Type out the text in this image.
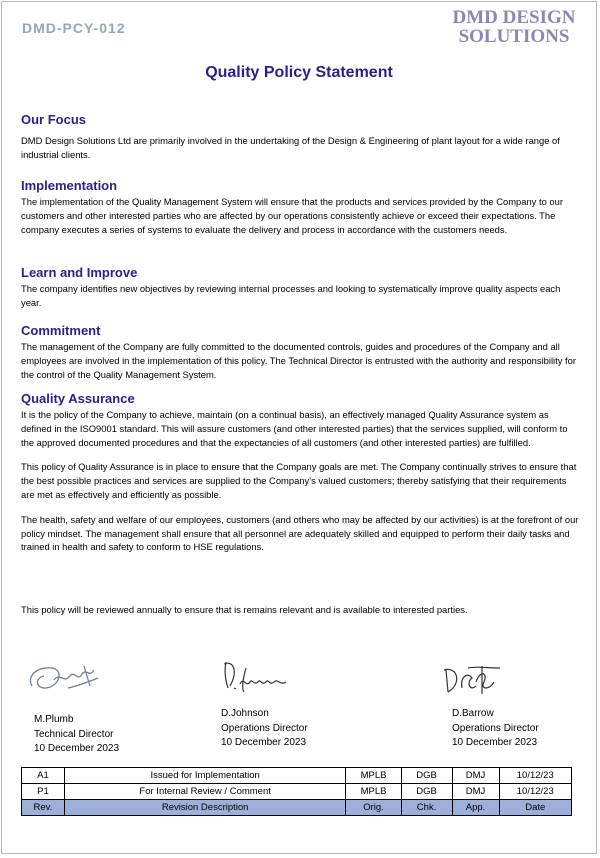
DMD-PCY-012	DMD DESIGN
SOLUTIONS
Quality Policy Statement
Our Focus

DMD Design Solutions Ltd are primarily involved in the undertaking of the Design & Engineering of plant layout for a wide range of industrial clients.

Implementation

The implementation of the Quality Management System will ensure that the products and services provided by the Company to our customers and other interested parties who are affected by our operations consistently achieve or exceed their expectations. The company executes a series of systems to evaluate the delivery and process in accordance with the customers needs.

Learn and Improve

The company identifies new objectives by reviewing internal processes and looking to systematically improve quality aspects each year.

Commitment

The management of the Company are fully committed to the documented controls, guides and procedures of the Company and all employees are involved in the implementation of this policy. The Technical Director is entrusted with the authority and responsibility for the control of the Quality Management System.

Quality Assurance

It is the policy of the Company to achieve, maintain (on a continual basis), an effectively managed Quality Assurance system as defined in the ISO9001 standard. This will assure customers (and other interested parties) that the services supplied, will conform to the approved documented procedures and that the expectancies of all customers (and other interested parties) are fulfilled.

This policy of Quality Assurance is in place to ensure that the Company goals are met. The Company continually strives to ensure that the best possible practices and services are supplied to the Company’s valued customers; thereby satisfying that their requirements are met as effectively and efficiently as possible.

The health, safety and welfare of our employees, customers (and others who may be affected by our activities) is at the forefront of our policy mindset. The management shall ensure that all personnel are adequately skilled and equipped to perform their daily tasks and trained in health and safety to conform to HSE regulations.

This policy will be reviewed annually to ensure that is remains relevant and is available to interested parties.

M.Plumb
Technical Director
10 December 2023
D.Johnson
Operations Director
10 December 2023
D.Barrow
Operations Director
10 December 2023
A1	Issued for Implementation	MPLB	DGB	DMJ	10/12/23
P1	For Internal Review / Comment	MPLB	DGB	DMJ	10/12/23
Rev.	Revision Description	Orig.	Chk.	App.	Date
